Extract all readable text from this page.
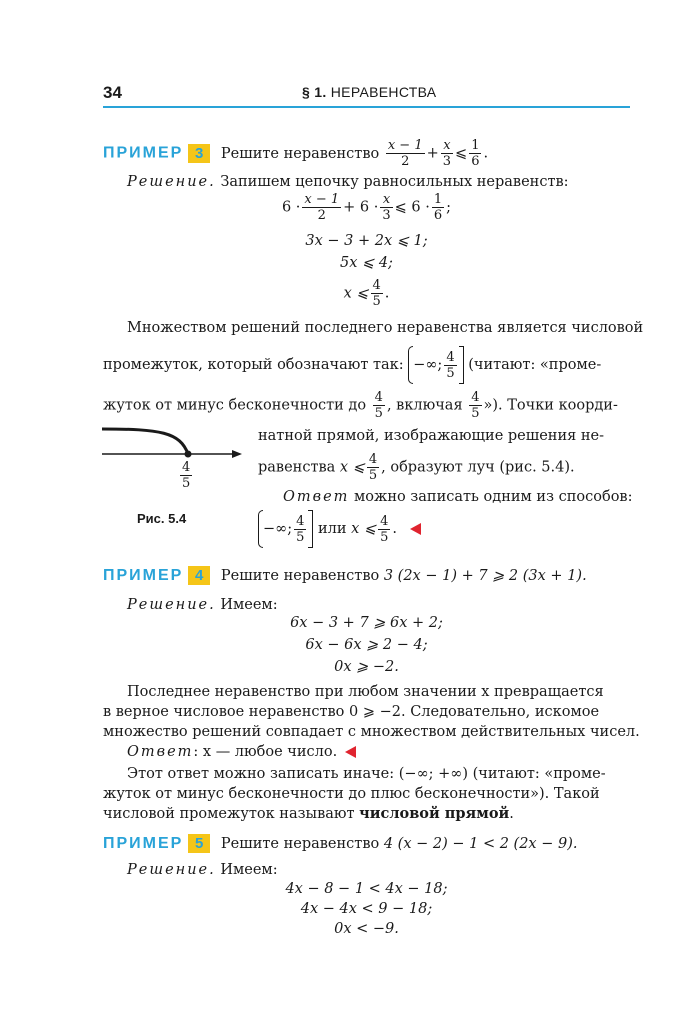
34	§ 1. НЕРАВЕНСТВА
ПРИМЕР 3 Решите неравенство $\frac{x - 1}{2} + \frac{x}{3}$ ⩽ $\frac{1}{6}$ .
Решение. Запишем цепочку равносильных неравенств:
$6 \cdot \frac{x - 1}{2} + 6 \cdot \frac{x}{3}$ ⩽ $6 \cdot \frac{1}{6}$ ;
3x − 3 + 2x ⩽ 1;
5x ⩽ 4;
x ⩽ $\frac{4}{5}$ .
Множеством решений последнего неравенства является числовой
промежуток, который обозначают так: −∞; $\frac{4}{5}$ (читают: «проме-
жуток от минус бесконечности до $\frac{4}{5}$ , включая $\frac{4}{5}$ »). Точки коорди-
$\frac{4}{5}$
Рис. 5.4
натной прямой, изображающие решения не-
равенства x ⩽ $\frac{4}{5}$ , образуют луч (рис. 5.4).
Ответ можно записать одним из способов:
−∞; $\frac{4}{5}$ или x ⩽ $\frac{4}{5}$ .
ПРИМЕР 4 Решите неравенство 3 (2x − 1) + 7 ⩾ 2 (3x + 1).
Решение. Имеем:
6x − 3 + 7 ⩾ 6x + 2;
6x − 6x ⩾ 2 − 4;
0x ⩾ −2.
Последнее неравенство при любом значении x превращается
в верное числовое неравенство 0 ⩾ −2. Следовательно, искомое
множество решений совпадает с множеством действительных чисел.
Ответ: x — любое число.
Этот ответ можно записать иначе: (−∞; +∞) (читают: «проме-
жуток от минус бесконечности до плюс бесконечности»). Такой
числовой промежуток называют числовой прямой.
ПРИМЕР 5 Решите неравенство 4 (x − 2) − 1 < 2 (2x − 9).
Решение. Имеем:
4x − 8 − 1 < 4x − 18;
4x − 4x < 9 − 18;
0x < −9.
